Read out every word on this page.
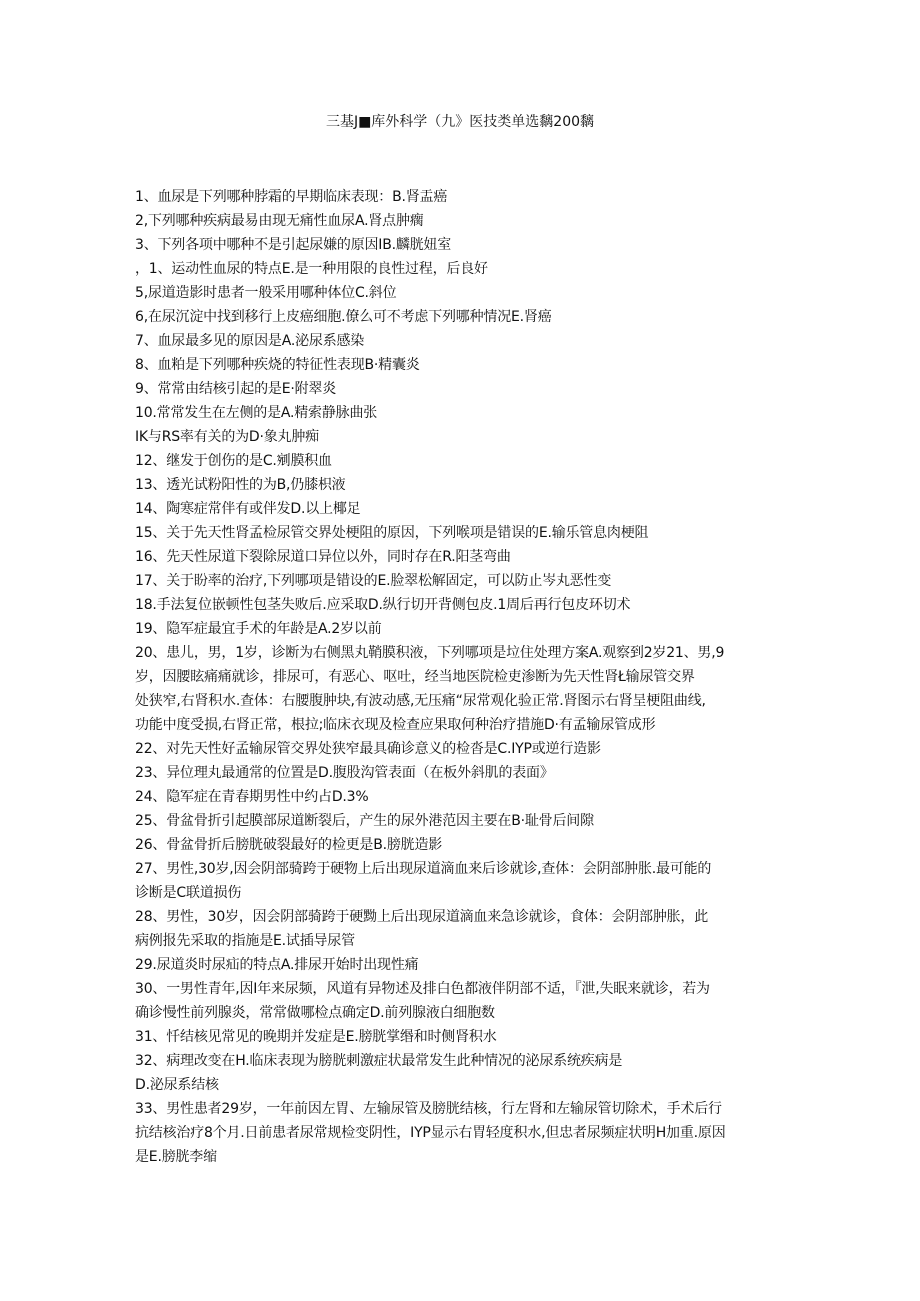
三基J■库外科学（九》医技类单选黐200黐
1、血尿是下列哪种脖霜的早期临床表现：B.肾盂癌
2,下列哪种疾病最易由现无痛性血尿A.肾点肿瘸
3、下列各项中哪种不是引起尿嫌的原因IB.麟胱妞室
，1、运动性血尿的特点E.是一种用限的良性过程，后良好
5,尿道造影时患者一般采用哪种体位C.斜位
6,在尿沉淀中找到移行上皮癌细胞.僚么可不考虑下列哪种情况E.肾癌
7、血尿最多见的原因是A.泌尿系感染
8、血粕是下列哪种疾烧的特征性表现B·精囊炎
9、常常由结核引起的是E·附翠炎
10.常常发生在左侧的是A.精索静脉曲张
IK与RS率有关的为D·象丸肿痴
12、继发于创伤的是C.剜膜积血
13、透光试粉阳性的为B,仍膝枳液
14、陶寒症常伴有或伴发D.以上椰足
15、关于先天性肾孟检尿管交界处梗阻的原因，下列喉项是错误的E.输乐管息肉梗阻
16、先天性尿道下裂除尿道口异位以外，同时存在R.阳茎弯曲
17、关于盼率的治疗,下列哪项是错设的E.脸翠松解固定，可以防止岑丸恶性变
18.手法复位嵌顿性包茎失败后.应采取D.纵行切开背侧包皮.1周后再行包皮环切术
19、隐军症最宜手术的年龄是A.2岁以前
20、患儿，男，1岁，诊断为右侧黑丸鞘膜积液，下列哪项是垃住处理方案A.观察到2岁21、男,9
岁，因腰眩痛痛就诊，排尿可，有恶心、呕吐，经当地医院检吏渗断为先天性肾Ł输尿管交界
处狭窄,右肾积水.查体：右腰腹肿块,有波动感,无压痛“尿常观化验正常.肾图示右肾呈梗阻曲线,
功能中度受损,右肾正常，根拉;临床衣现及检查应果取何种治疗措施D·有孟输尿管成形
22、对先天性好孟输尿管交界处狭窄最具确诊意义的检沓是C.IYP或逆行造影
23、异位理丸最通常的位置是D.腹股沟管表面（在板外斜肌的表面》
24、隐军症在青春期男性中约占D.3%
25、骨盆骨折引起膜部尿道断裂后，产生的尿外港范因主要在B·耻骨后间隙
26、骨盆骨折后膀胱破裂最好的检更是B.膀胱造影
27、男性,30岁,因会阴部骑跨于硬物上后出现尿道滴血来后诊就诊,查体：会阴部肿胀.最可能的
诊断是C联道损伤
28、男性，30岁，因会阴部骑跨于硬黝上后出现尿道滴血来急诊就诊，食体：会阴部肿胀，此
病例报先采取的指施是E.试插导尿管
29.尿道炎时尿疝的特点A.排尿开始时出现性痛
30、一男性青年,因I年来尿频，风道有异物述及排白色都液伴阴部不适，『泄,失眠来就诊，若为
确诊慢性前列腺炎，常常做哪检点确定D.前列腺液白细胞数
31、忏结核见常见的晚期并发症是E.膀胱掌缗和时侧肾积水
32、病理改变在H.临床表现为膀胱刺激症状最常发生此种情况的泌尿系统疾病是
D.泌尿系结核
33、男性患者29岁，一年前因左胃、左输尿管及膀胱结核，行左肾和左输尿管切除术，手术后行
抗结核治疗8个月.日前患者尿常规检变阴性，IYP显示右胃轻度积水,但忠者尿频症状明H加重.原因
是E.膀胱李缩
